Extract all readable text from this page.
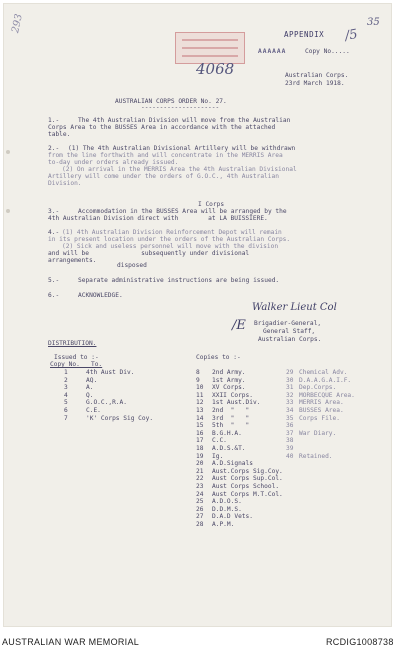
293
APPENDIX
35
/5
AAAAAA	Copy No.....
4068	Australian Corps.
23rd March 1918.
AUSTRALIAN CORPS ORDER No. 27.
---------------------
1.-	The 4th Australian Division will move from the Australian
Corps Area to the BUSSES Area in accordance with the attached
table.
2.- (1) The 4th Australian Divisional Artillery will be withdrawn
from the line forthwith and will concentrate in the MERRIS Area
to-day under orders already issued.
(2) On arrival in the MERRIS Area the 4th Australian Divisional
Artillery will come under the orders of G.O.C., 4th Australian
Division.
I Corps
3.-	Accommodation in the BUSSES Area will be arranged by the
4th Australian Division direct with        at LA BUISSIERE.
4.- (1) 4th Australian Division Reinforcement Depot will remain
in its present location under the orders of the Australian Corps.
(2) Sick and useless personnel will move with the division
and will be              subsequently under divisional
arrangements.
disposed
5.-	Separate administrative instructions are being issued.
6.-	ACKNOWLEDGE.
Walker Lieut Col
/E Brigadier-General,
General Staff,
Australian Corps.
DISTRIBUTION.
Issued to :-
Copy No.   To.
Copies to :-
1	4th Aust Div.
2	AQ.
3	A.
4	Q.
5	G.O.C.,R.A.
6	C.E.
7	'K' Corps Sig Coy.
8 2nd Army.
9 1st Army.
10 XV Corps.
11 XXII Corps.
12 1st Aust.Div.
13 2nd  "   "
14 3rd  "   "
15 5th  "   "
16 B.G.H.A.
17 C.C.
18 A.D.S.&T.
19 Ig.
20 A.D.Signals
21 Aust.Corps Sig.Coy.
22 Aust Corps Sup.Col.
23 Aust Corps School.
24 Aust Corps M.T.Col.
25 A.D.O.S.
26 D.D.M.S.
27 D.A.D Vets.
28 A.P.M.
29 Chemical Adv.
30 D.A.A.G.A.I.F.
31 Dep.Corps.
32 MORBECQUE Area.
33 MERRIS Area.
34 BUSSES Area.
35 Corps File.
36
37 War Diary.
38
39
40 Retained.
AUSTRALIAN WAR MEMORIAL	RCDIG1008738
